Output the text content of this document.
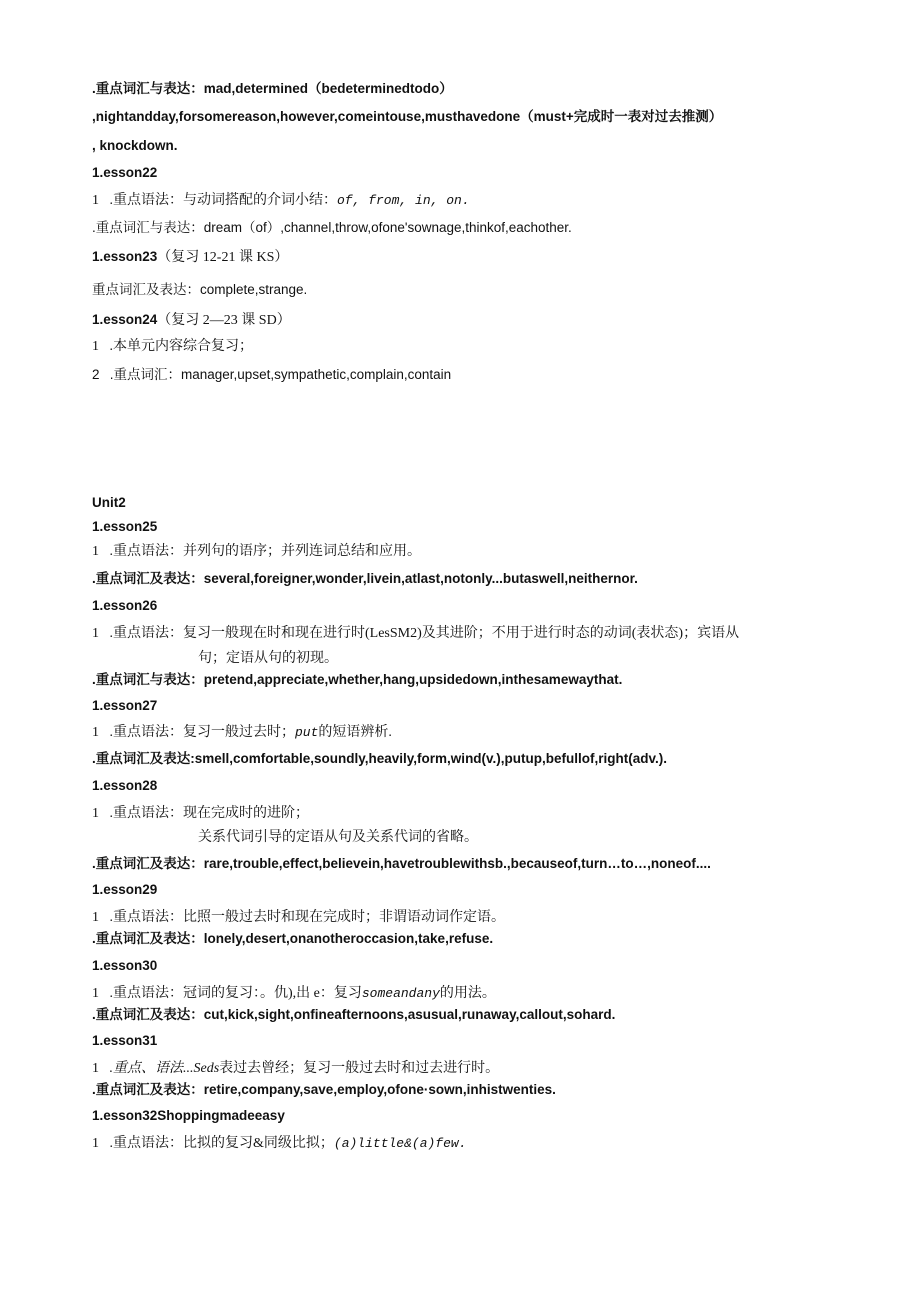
.重点词汇与表达：mad,determined（bedeterminedtodo）
,nightandday,forsomereason,however,comeintouse,musthavedone（must+完成时一表对过去推测）
, knockdown.
1.esson22
1 .重点语法：与动词搭配的介词小结：of, from, in, on.
.重点词汇与表达：dream（of）,channel,throw,ofone'sownage,thinkof,eachother.
1.esson23（复习 12-21 课 KS）
重点词汇及表达：complete,strange.
1.esson24（复习 2—23 课 SD）
1 .本单元内容综合复习；
2 .重点词汇：manager,upset,sympathetic,complain,contain
Unit2
1.esson25
1 .重点语法：并列句的语序；并列连词总结和应用。
.重点词汇及表达：several,foreigner,wonder,livein,atlast,notonly...butaswell,neithernor.
1.esson26
1 .重点语法：复习一般现在时和现在进行时(LesSM2)及其进阶；不用于进行时态的动词(表状态)；宾语从
句；定语从句的初现。
.重点词汇与表达：pretend,appreciate,whether,hang,upsidedown,inthesamewaythat.
1.esson27
1 .重点语法：复习一般过去时；put的短语辨析.
.重点词汇及表达:smell,comfortable,soundly,heavily,form,wind(v.),putup,befullof,right(adv.).
1.esson28
1 .重点语法：现在完成时的进阶；
关系代词引导的定语从句及关系代词的省略。
.重点词汇及表达：rare,trouble,effect,believein,havetroublewithsb.,becauseof,turn…to…,noneof....
1.esson29
1 .重点语法：比照一般过去时和现在完成时；非谓语动词作定语。
.重点词汇及表达：lonely,desert,onanotheroccasion,take,refuse.
1.esson30
1 .重点语法：冠词的复习：。仇),出 e：复习someandany的用法。
.重点词汇及表达：cut,kick,sight,onfineafternoons,asusual,runaway,callout,sohard.
1.esson31
1 .重点、语法...Seds表过去曾经；复习一般过去时和过去进行时。
.重点词汇及表达：retire,company,save,employ,ofone·sown,inhistwenties.
1.esson32Shoppingmadeeasy
1 .重点语法：比拟的复习&同级比拟；(a)little&(a)few.
